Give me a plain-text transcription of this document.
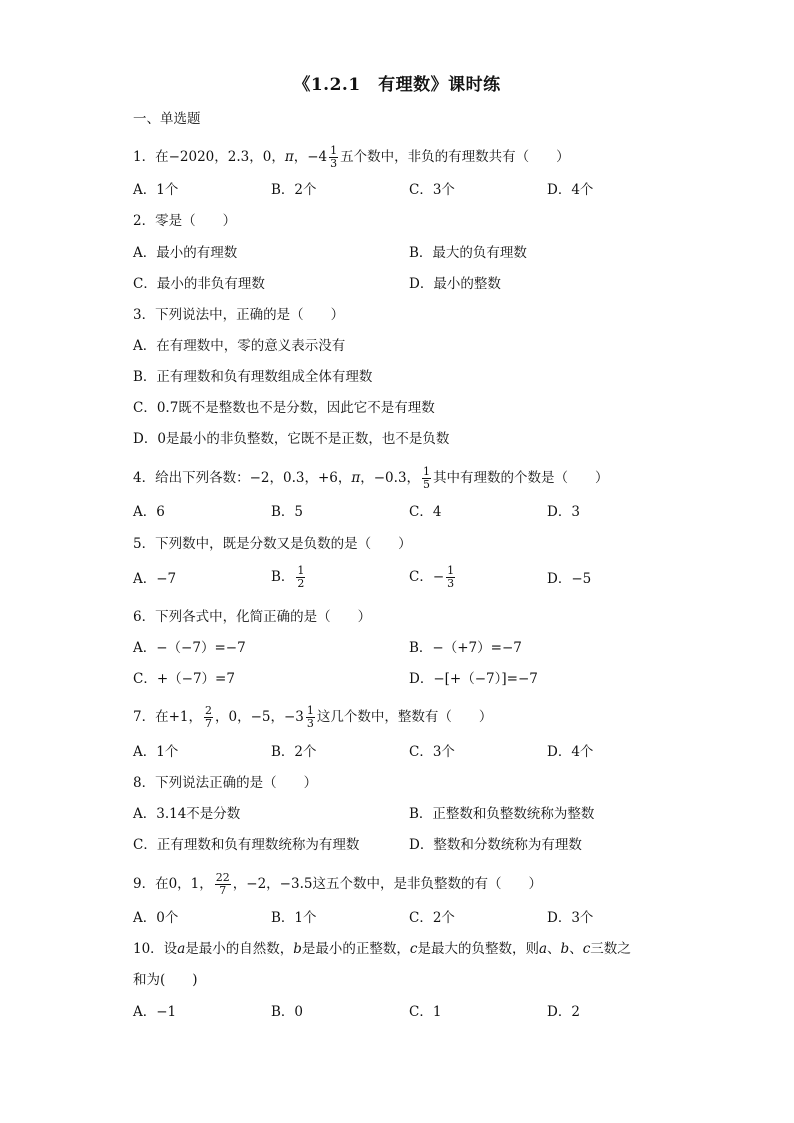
《1.2.1　有理数》课时练
一、单选题
1．在−2020，2.3，0，π，$-4 \frac{1}{3}$ 五个数中，非负的有理数共有（　　）
A．1个	B．2个	C．3个	D．4个
2．零是（　　）
A．最小的有理数	B．最大的负有理数
C．最小的非负有理数	D．最小的整数
3．下列说法中，正确的是（　　）
A．在有理数中，零的意义表示没有
B．正有理数和负有理数组成全体有理数
C．0.7既不是整数也不是分数，因此它不是有理数
D．0是最小的非负整数，它既不是正数，也不是负数
4．给出下列各数：−2，0.3，+6，π，−0.3， $\frac{1}{5}$ 其中有理数的个数是（　　）
A．6	B．5	C．4	D．3
5．下列数中，既是分数又是负数的是（　　）
A．−7	B． $\frac{1}{2}$	C．− $\frac{1}{3}$	D．−5
6．下列各式中，化简正确的是（　　）
A．−（−7）=−7	B．−（+7）=−7
C．+（−7）=7	D．−[+（−7）]=−7
7．在+1， $\frac{2}{7}$ ，0，−5，$-3 \frac{1}{3}$ 这几个数中，整数有（　　）
A．1个	B．2个	C．3个	D．4个
8．下列说法正确的是（　　）
A．3.14不是分数	B．正整数和负整数统称为整数
C．正有理数和负有理数统称为有理数	D．整数和分数统称为有理数
9．在0，1， $\frac{22}{7}$ ，−2，−3.5这五个数中，是非负整数的有（　　）
A．0个	B．1个	C．2个	D．3个
10．设a是最小的自然数，b是最小的正整数，c是最大的负整数，则a、b、c三数之
和为(　　)
A．−1	B．0	C．1	D．2
